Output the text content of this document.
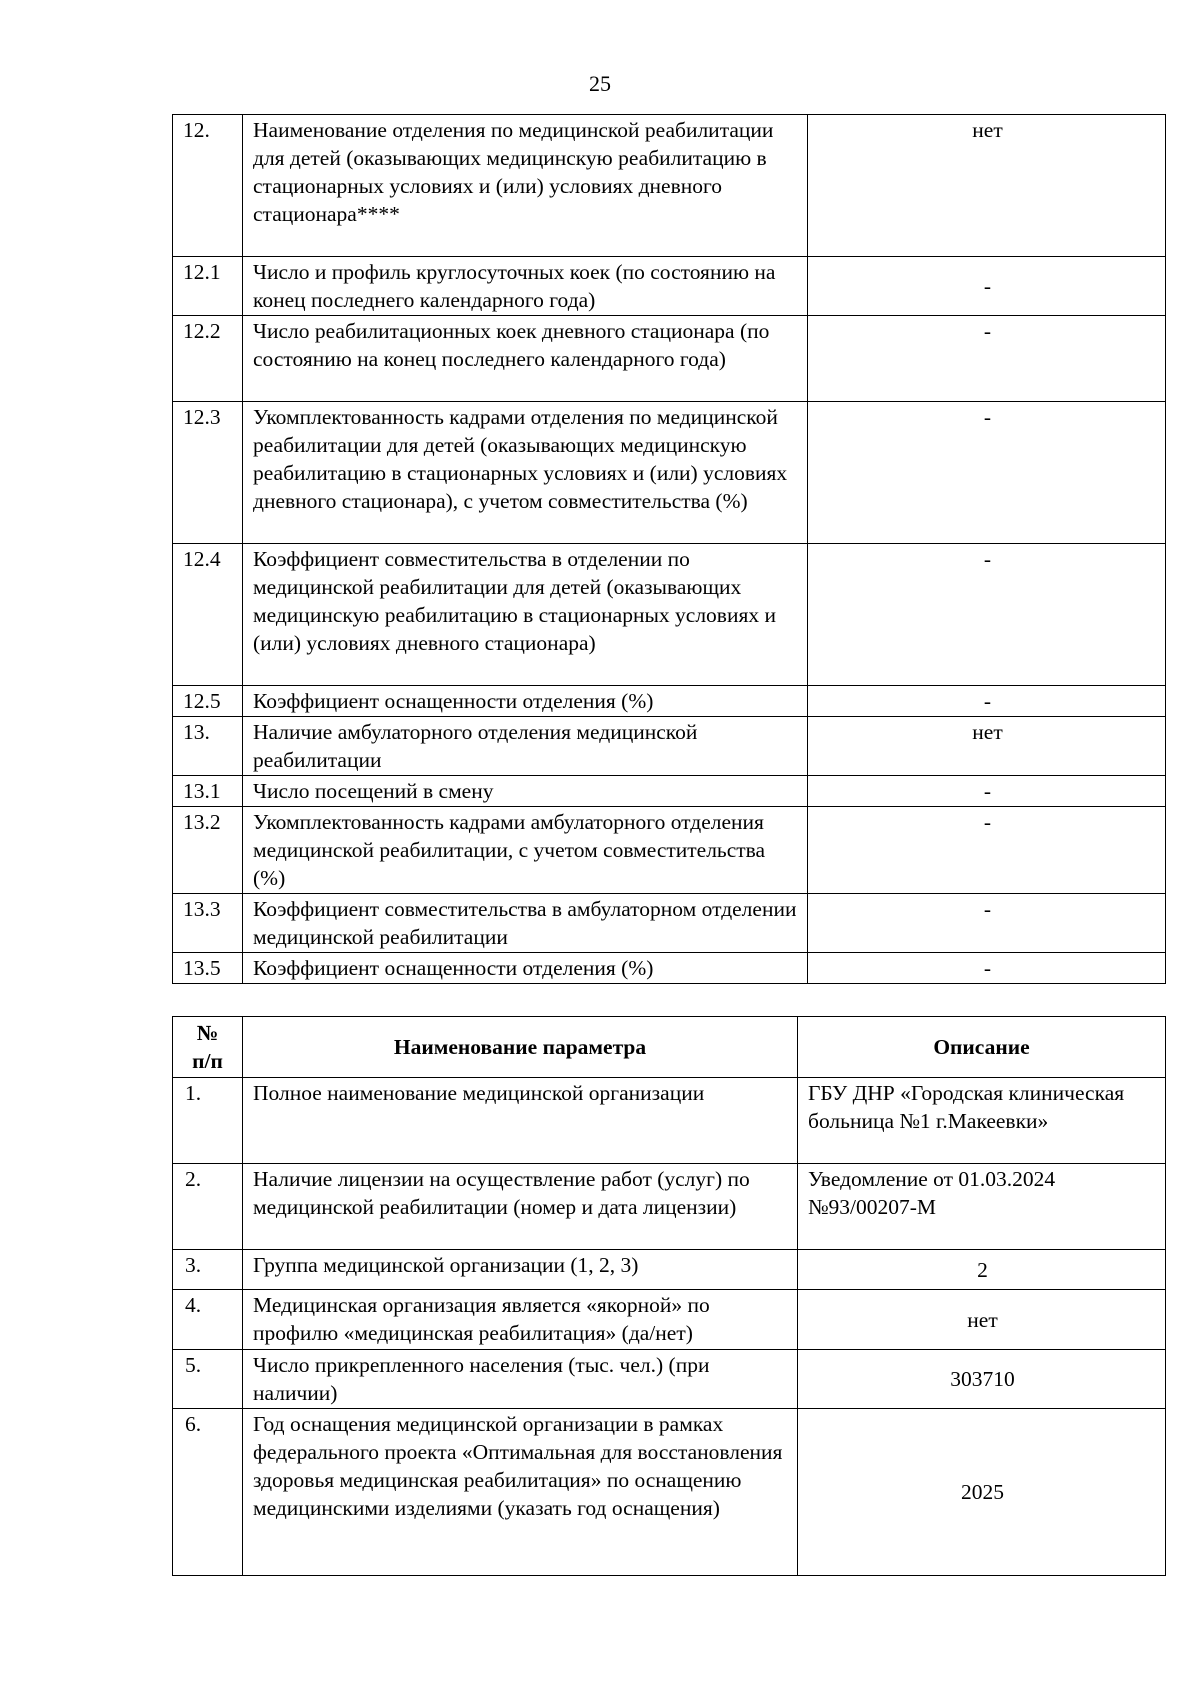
25
12.	Наименование отделения по медицинской реабилитации для детей (оказывающих медицинскую реабилитацию в стационарных условиях и (или) условиях дневного стационара****	нет
12.1	Число и профиль круглосуточных коек (по состоянию на конец последнего календарного года)	-
12.2	Число реабилитационных коек дневного стационара (по состоянию на конец последнего календарного года)	-
12.3	Укомплектованность кадрами отделения по медицинской реабилитации для детей (оказывающих медицинскую реабилитацию в стационарных условиях и (или) условиях дневного стационара), с учетом совместительства (%)	-
12.4	Коэффициент совместительства в отделении по медицинской реабилитации для детей (оказывающих медицинскую реабилитацию в стационарных условиях и (или) условиях дневного стационара)	-
12.5	Коэффициент оснащенности отделения (%)	-
13.	Наличие амбулаторного отделения медицинской реабилитации	нет
13.1	Число посещений в смену	-
13.2	Укомплектованность кадрами амбулаторного отделения медицинской реабилитации, с учетом совместительства (%)	-
13.3	Коэффициент совместительства в амбулаторном отделении медицинской реабилитации	-
13.5	Коэффициент оснащенности отделения (%)	-
№
п/п	Наименование параметра	Описание
1.	Полное наименование медицинской организации	ГБУ ДНР «Городская клиническая больница №1 г.Макеевки»
2.	Наличие лицензии на осуществление работ (услуг) по медицинской реабилитации (номер и дата лицензии)	Уведомление от 01.03.2024 №93/00207-М
3.	Группа медицинской организации (1, 2, 3)	2
4.	Медицинская организация является «якорной» по профилю «медицинская реабилитация» (да/нет)	нет
5.	Число прикрепленного населения (тыс. чел.) (при наличии)	303710
6.	Год оснащения медицинской организации в рамках федерального проекта «Оптимальная для восстановления здоровья медицинская реабилитация» по оснащению медицинскими изделиями (указать год оснащения)	2025
